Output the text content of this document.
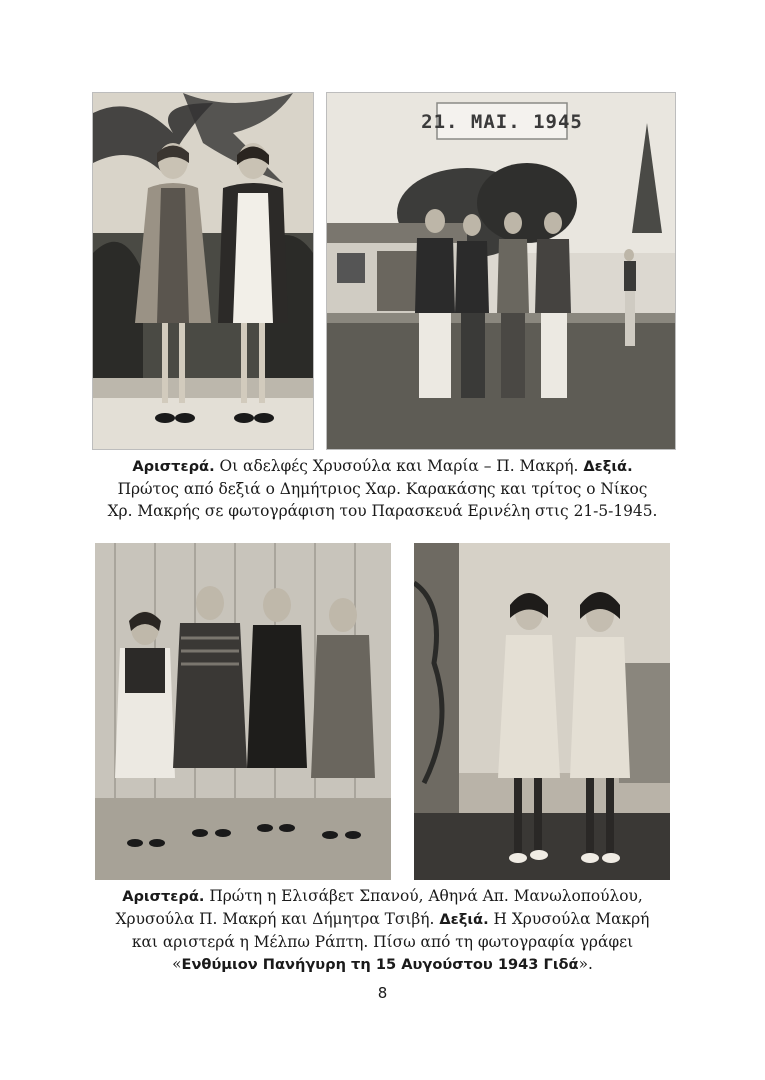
21. MAI. 1945
Αριστερά. Οι αδελφές Χρυσούλα και Μαρία – Π. Μακρή. Δεξιά.
Πρώτος από δεξιά ο Δημήτριος Χαρ. Καρακάσης και τρίτος ο Νίκος
Χρ. Μακρής σε φωτογράφιση του Παρασκευά Ερινέλη στις 21-5-1945.
Αριστερά. Πρώτη η Ελισάβετ Σπανού, Αθηνά Απ. Μανωλοπούλου,
Χρυσούλα Π. Μακρή και Δήμητρα Τσιβή. Δεξιά. Η Χρυσούλα Μακρή
και αριστερά η Μέλπω Ράπτη. Πίσω από τη φωτογραφία γράφει
«Ενθύμιον Πανήγυρη τη 15 Αυγούστου 1943 Γιδά».
8
